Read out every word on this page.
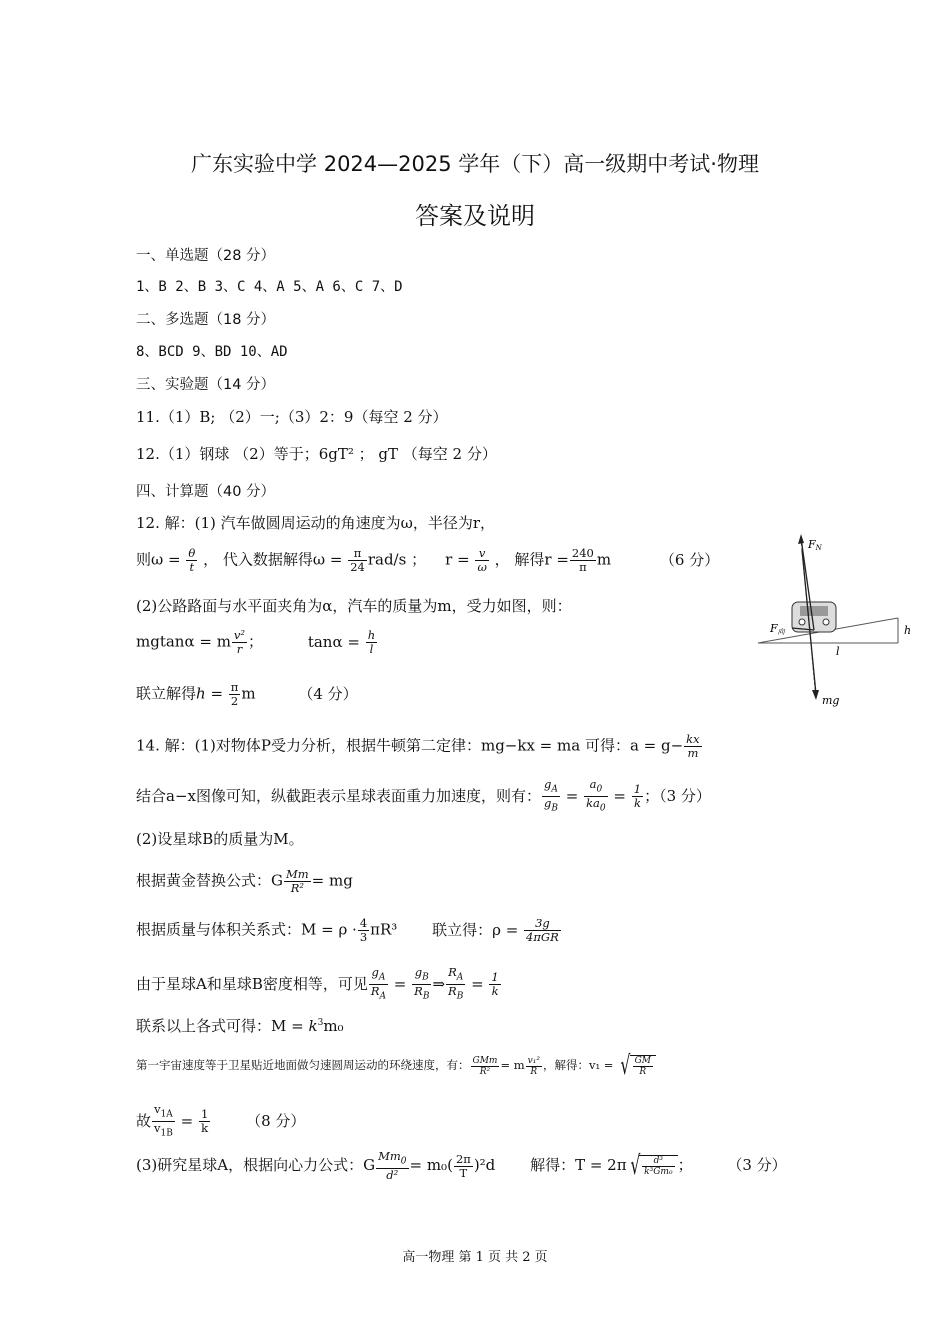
广东实验中学 2024—2025 学年（下）高一级期中考试·物理
答案及说明
一、单选题（28 分）
1、B 2、B 3、C 4、A 5、A 6、C 7、D
二、多选题（18 分）
8、BCD 9、BD 10、AD
三、实验题（14 分）
11.（1）B; （2）一;（3）2：9（每空 2 分）
12.（1）钢球 （2）等于；6gT² ； gT （每空 2 分）
四、计算题（40 分）
12. 解：(1) 汽车做圆周运动的角速度为ω，半径为r，
则$\omega = \frac{\theta}{t}$ ， 代入数据解得$\omega = \frac{\pi}{24} rad/s$ ； $r = \frac{v}{\omega}$ ， 解得$r = \frac{240}{\pi}$ m	（6 分）
(2)公路路面与水平面夹角为α，汽车的质量为m，受力如图，则：
mgtanα = m $\frac{\text{v²}}{r}$ ；	$\tan\alpha = \frac{h}{l}$
联立解得$h = \frac{\pi}{2}$ m	（4 分）
FN
F向	h
l
mg
14. 解：(1)对物体P受力分析，根据牛顿第二定律：mg−kx = ma 可得：$a = g- \frac{kx}{m}$
结合a−x图像可知，纵截距表示星球表面重力加速度，则有： $\frac{g_A}{g_B} = \frac{a_0}{ka_0} = \frac{1}{k}$ ；（3 分）
(2)设星球B的质量为M。
根据黄金替换公式：G $\frac{Mm}{\text{R²}}$ = mg
根据质量与体积关系式：$M = \rho \cdot \frac{4}{3} \pi R^3$ 联立得：$\rho = \frac{3g}{\text{4πGR}}$
由于星球A和星球B密度相等，可见 $\frac{g_A}{R_A} = \frac{g_B}{R_B}$ ⇒ $\frac{R_A}{R_B} = \frac{1}{k}$
联系以上各式可得：$M = k^3m_0$
第一宇宙速度等于卫星贴近地面做匀速圆周运动的环绕速度，有： $\frac{\text{GMm}}{\text{R²}} = m \frac{\text{v₁²}}{R}$ ，解得：v₁ = √ $\frac{GM}{R}$
故 $\frac{v_{1A}}{v_{1B}} = \frac{1}{k} (8$ 分）
(3)研究星球A，根据向心力公式：G $\frac{Mm_0}{\text{d²}} = m_0( \frac{2\pi}{T} )^2d$ 解得：T = 2π √ $\frac{\text{d³}}{\text{k³Gm₀}}$ ； （3 分）
高一物理 第 1 页 共 2 页
